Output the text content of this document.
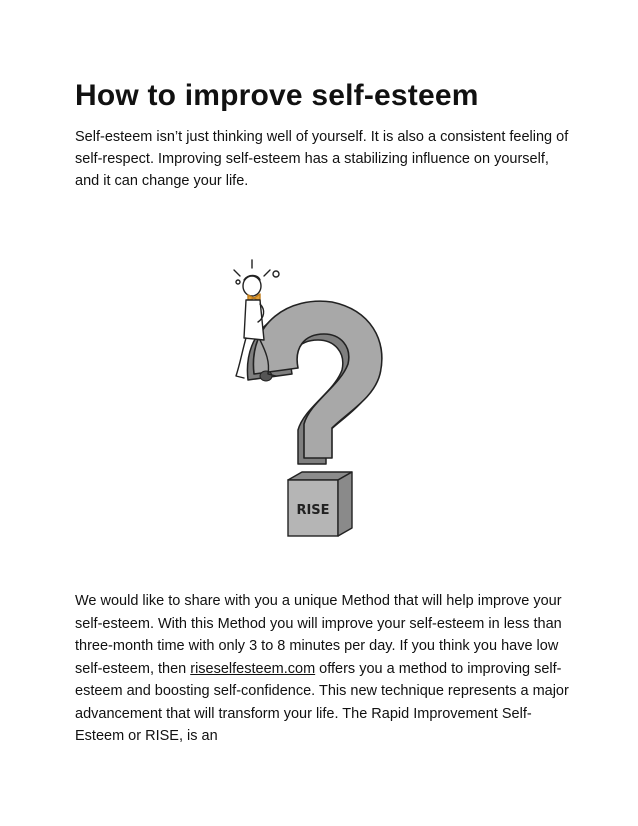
How to improve self-esteem

Self-esteem isn’t just thinking well of yourself. It is also a consistent feeling of self-respect. Improving self-esteem has a stabilizing influence on yourself, and it can change your life.

RISE

We would like to share with you a unique Method that will help improve your self-esteem. With this Method you will improve your self-esteem in less than three-month time with only 3 to 8 minutes per day. If you think you have low self-esteem, then riseselfesteem.com offers you a method to improving self-esteem and boosting self-confidence. This new technique represents a major advancement that will transform your life. The Rapid Improvement Self-Esteem or RISE, is an
